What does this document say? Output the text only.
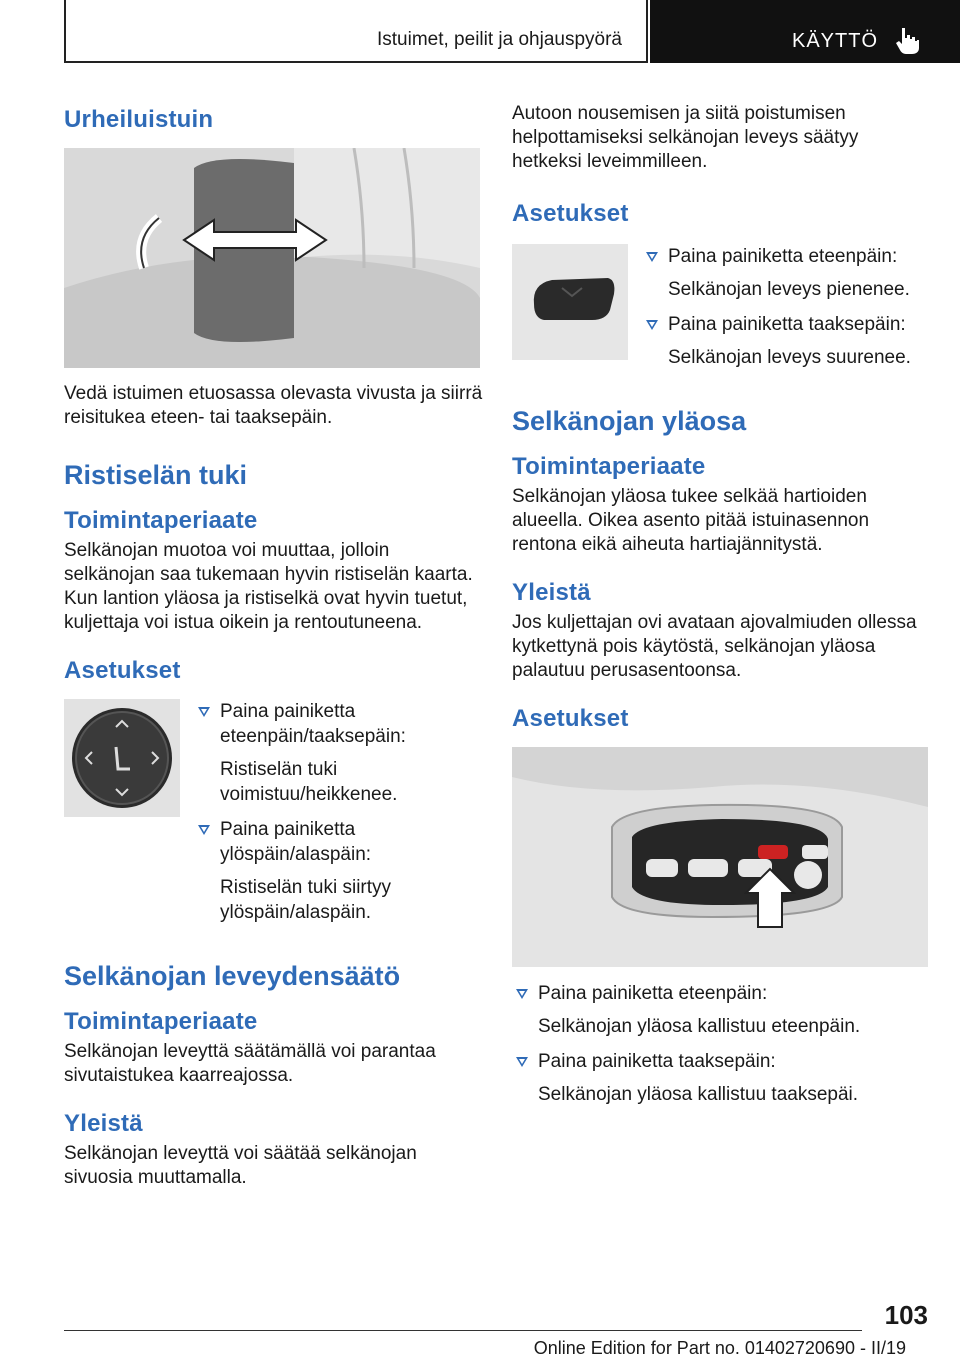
Istuimet, peilit ja ohjauspyörä	KÄYTTÖ
Urheiluistuin

Vedä istuimen etuosassa olevasta vivusta ja siirrä reisitukea eteen- tai taaksepäin.

Ristiselän tuki
Toimintaperiaate

Selkänojan muotoa voi muuttaa, jolloin selkänojan saa tukemaan hyvin ristiselän kaarta. Kun lantion yläosa ja ristiselkä ovat hyvin tuetut, kuljettaja voi istua oikein ja rentoutuneena.

Asetukset
Paina painiketta eteenpäin/taaksepäin:
Ristiselän tuki voimistuu/heikkenee.
Paina painiketta ylöspäin/alaspäin:
Ristiselän tuki siirtyy ylöspäin/alaspäin.
Selkänojan leveydensäätö
Toimintaperiaate

Selkänojan leveyttä säätämällä voi parantaa sivutaistukea kaarreajossa.

Yleistä

Selkänojan leveyttä voi säätää selkänojan sivuosia muuttamalla.

Autoon nousemisen ja siitä poistumisen helpottamiseksi selkänojan leveys säätyy hetkeksi leveimmilleen.

Asetukset
Paina painiketta eteenpäin:
Selkänojan leveys pienenee.
Paina painiketta taaksepäin:
Selkänojan leveys suurenee.
Selkänojan yläosa
Toimintaperiaate

Selkänojan yläosa tukee selkää hartioiden alueella. Oikea asento pitää istuinasennon rentona eikä aiheuta hartiajännitystä.

Yleistä

Jos kuljettajan ovi avataan ajovalmiuden ollessa kytkettynä pois käytöstä, selkänojan yläosa palautuu perusasentoonsa.

Asetukset
Paina painiketta eteenpäin:
Selkänojan yläosa kallistuu eteenpäin.
Paina painiketta taaksepäin:
Selkänojan yläosa kallistuu taaksepäi.
103
Online Edition for Part no. 01402720690 - II/19
